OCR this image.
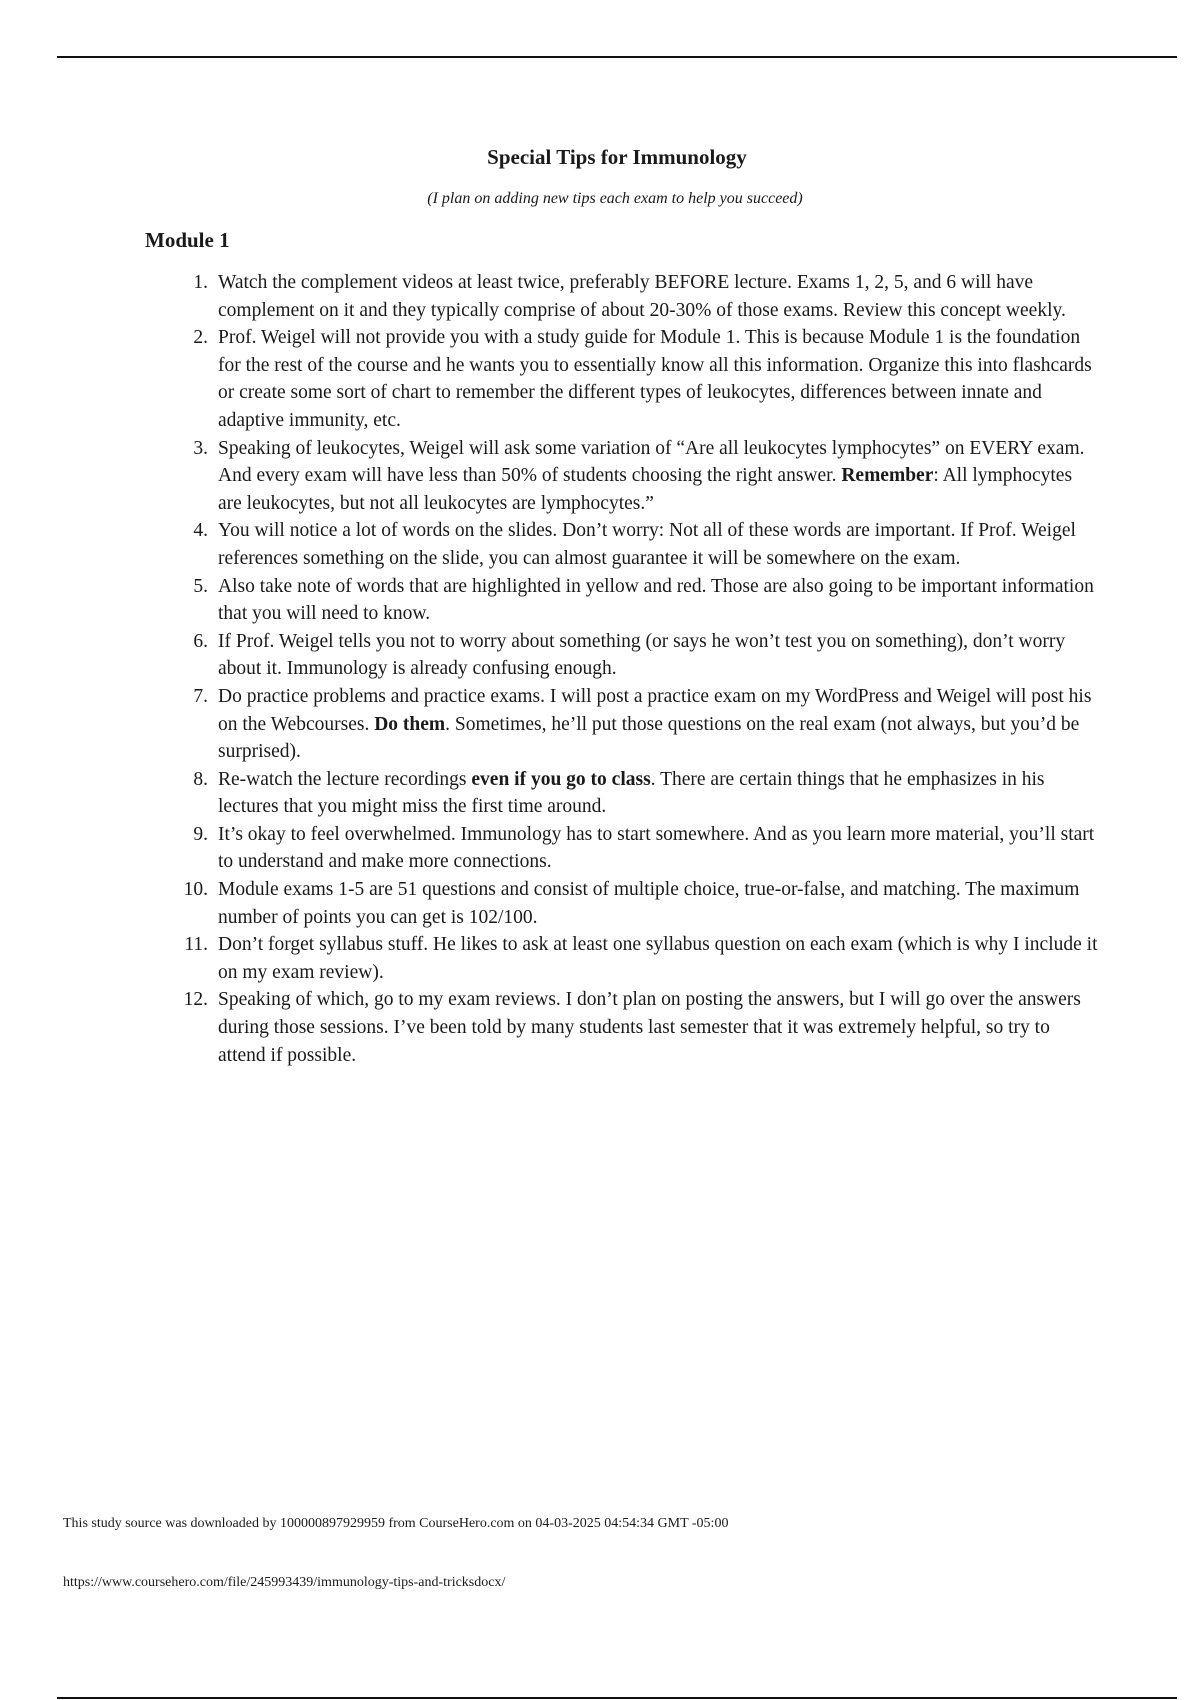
Special Tips for Immunology
(I plan on adding new tips each exam to help you succeed)
Module 1
1. Watch the complement videos at least twice, preferably BEFORE lecture. Exams 1, 2, 5, and 6 will have complement on it and they typically comprise of about 20-30% of those exams. Review this concept weekly.
2. Prof. Weigel will not provide you with a study guide for Module 1. This is because Module 1 is the foundation for the rest of the course and he wants you to essentially know all this information. Organize this into flashcards or create some sort of chart to remember the different types of leukocytes, differences between innate and adaptive immunity, etc.
3. Speaking of leukocytes, Weigel will ask some variation of “Are all leukocytes lymphocytes” on EVERY exam. And every exam will have less than 50% of students choosing the right answer. Remember: All lymphocytes are leukocytes, but not all leukocytes are lymphocytes.”
4. You will notice a lot of words on the slides. Don’t worry: Not all of these words are important. If Prof. Weigel references something on the slide, you can almost guarantee it will be somewhere on the exam.
5. Also take note of words that are highlighted in yellow and red. Those are also going to be important information that you will need to know.
6. If Prof. Weigel tells you not to worry about something (or says he won’t test you on something), don’t worry about it. Immunology is already confusing enough.
7. Do practice problems and practice exams. I will post a practice exam on my WordPress and Weigel will post his on the Webcourses. Do them. Sometimes, he’ll put those questions on the real exam (not always, but you’d be surprised).
8. Re-watch the lecture recordings even if you go to class. There are certain things that he emphasizes in his lectures that you might miss the first time around.
9. It’s okay to feel overwhelmed. Immunology has to start somewhere. And as you learn more material, you’ll start to understand and make more connections.
10. Module exams 1-5 are 51 questions and consist of multiple choice, true-or-false, and matching. The maximum number of points you can get is 102/100.
11. Don’t forget syllabus stuff. He likes to ask at least one syllabus question on each exam (which is why I include it on my exam review).
12. Speaking of which, go to my exam reviews. I don’t plan on posting the answers, but I will go over the answers during those sessions. I’ve been told by many students last semester that it was extremely helpful, so try to attend if possible.
This study source was downloaded by 100000897929959 from CourseHero.com on 04-03-2025 04:54:34 GMT -05:00
https://www.coursehero.com/file/245993439/immunology-tips-and-tricksdocx/
